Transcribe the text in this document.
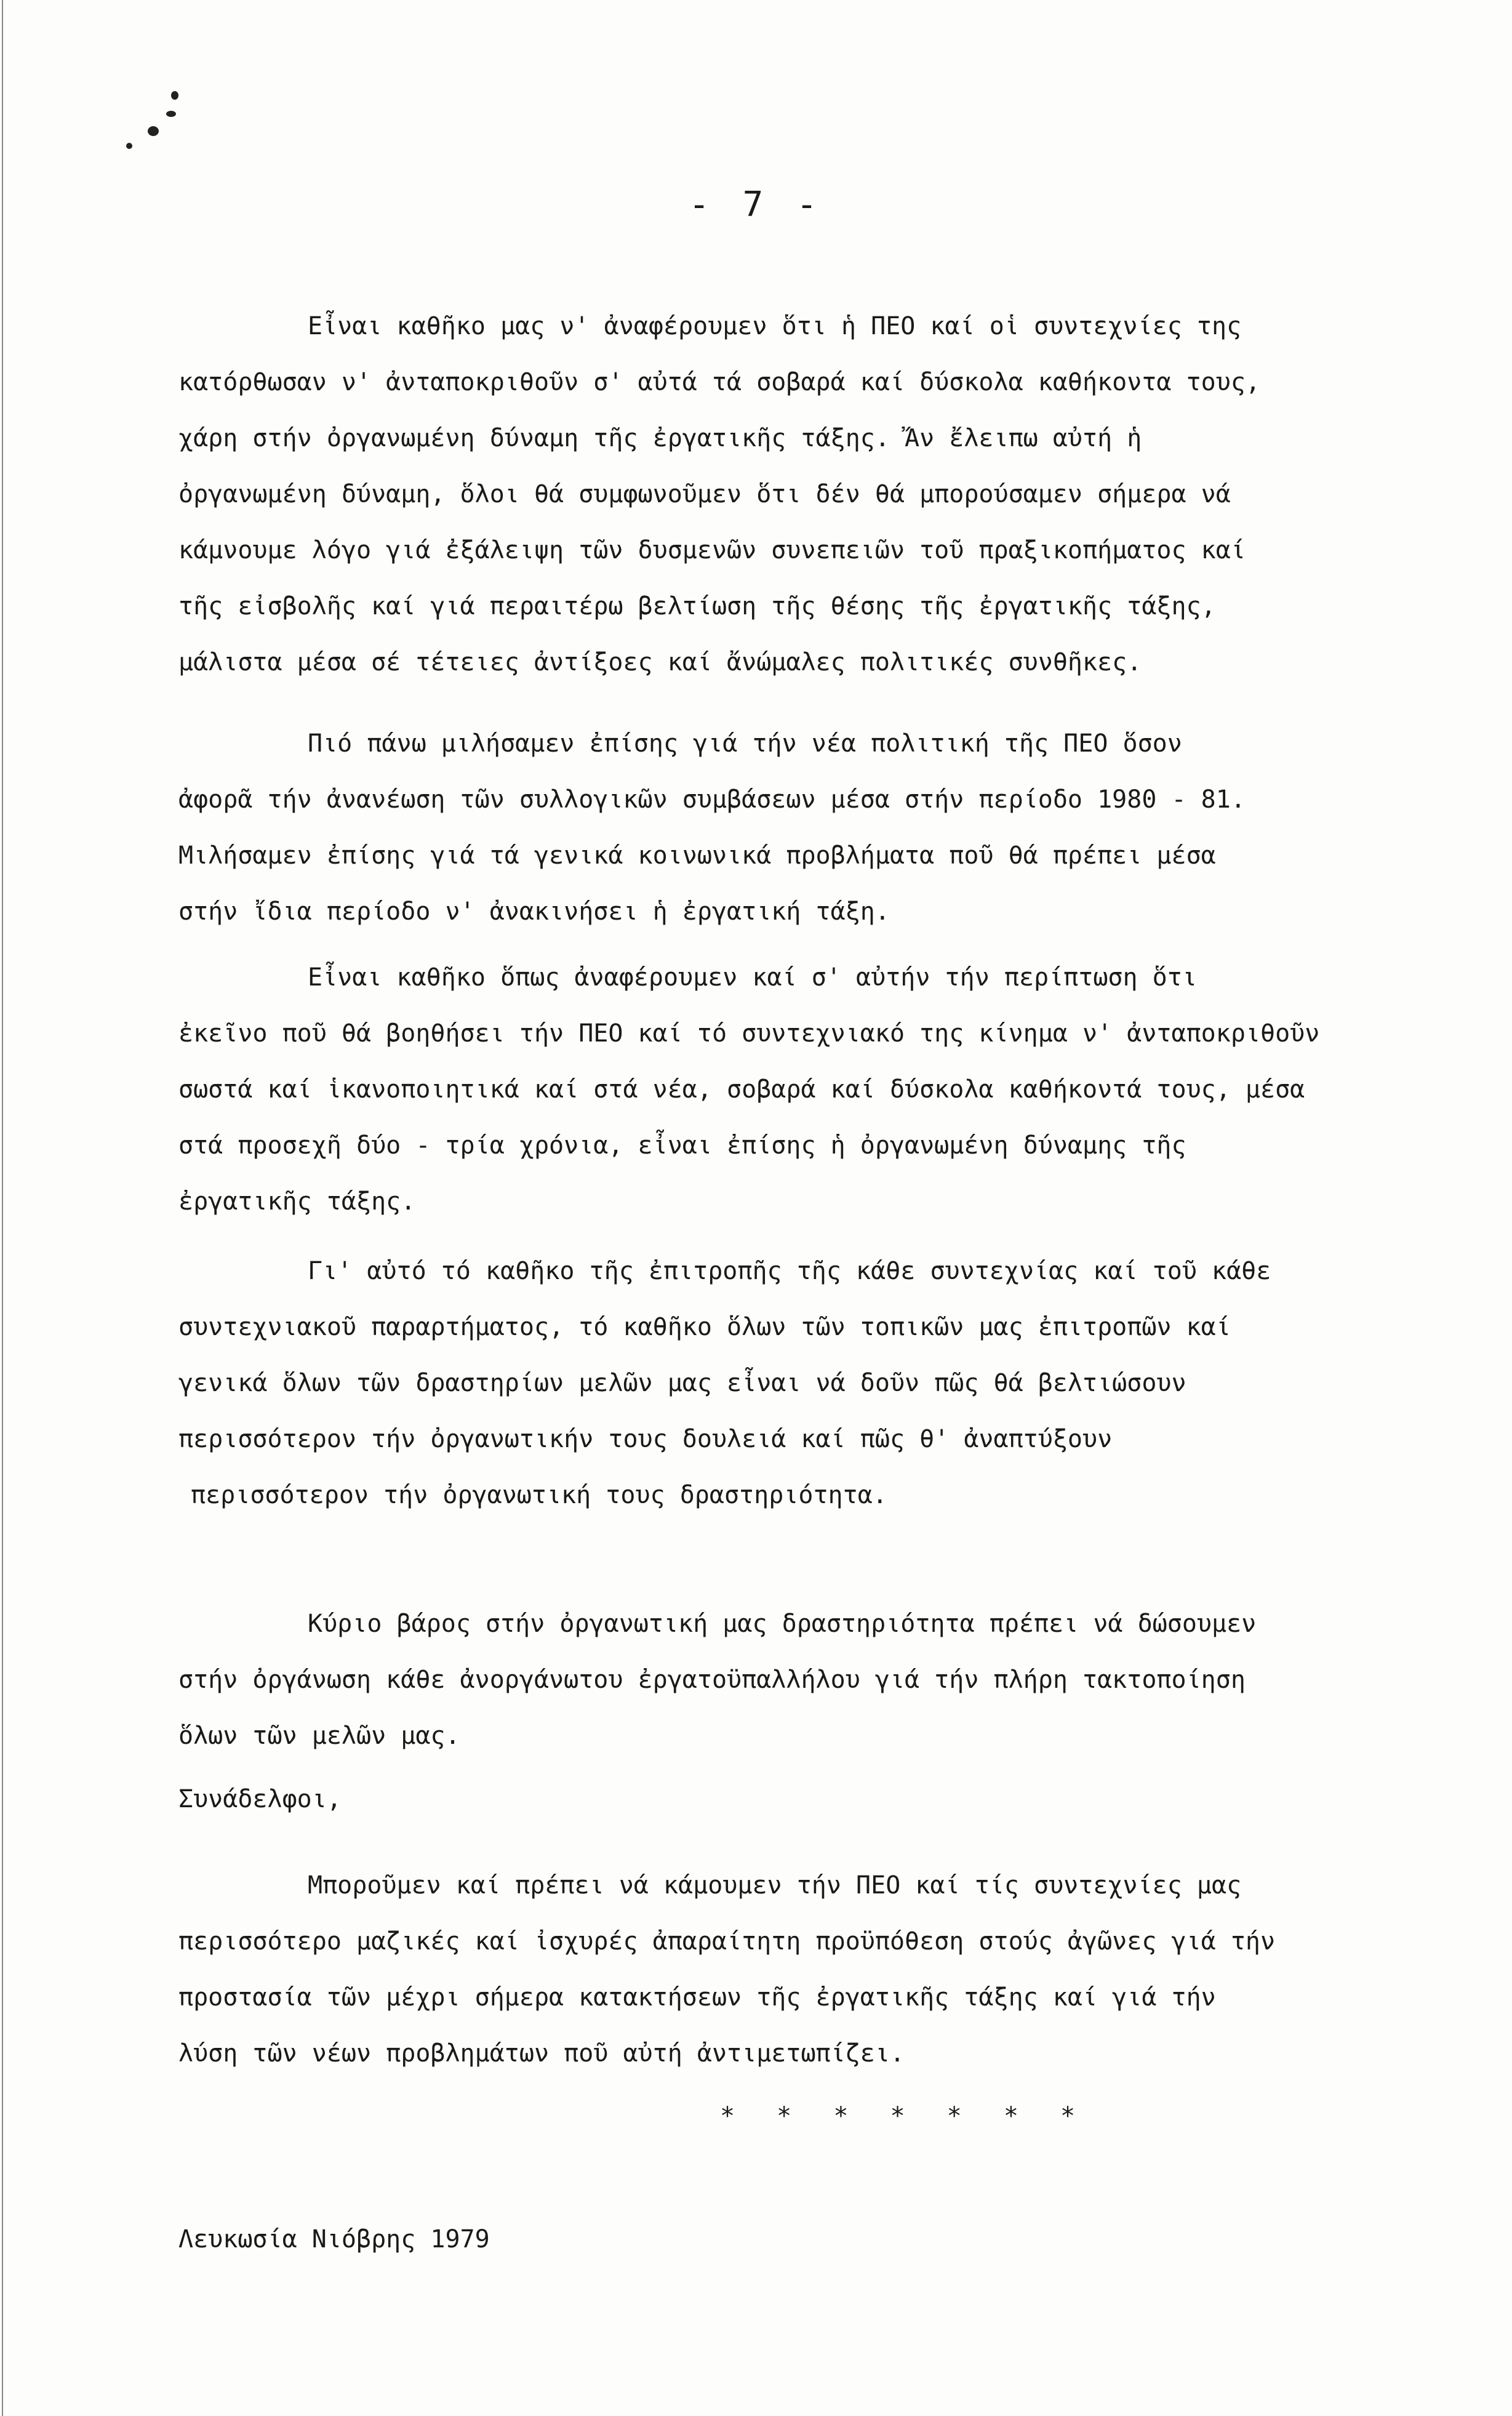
- 7 -
Εἶναι καθῆκο μας ν' ἀναφέρουμεν ὅτι ἡ ΠΕΟ καί οἱ συντεχνίες της
κατόρθωσαν ν' ἀνταποκριθοῦν σ' αὐτά τά σοβαρά καί δύσκολα καθήκοντα τους,
χάρη στήν ὀργανωμένη δύναμη τῆς ἐργατικῆς τάξης. Ἄν ἔλειπω αὐτή ἡ
ὀργανωμένη δύναμη, ὅλοι θά συμφωνοῦμεν ὅτι δέν θά μπορούσαμεν σήμερα νά
κάμνουμε λόγο γιά ἐξάλειψη τῶν δυσμενῶν συνεπειῶν τοῦ πραξικοπήματος καί
τῆς εἰσβολῆς καί γιά περαιτέρω βελτίωση τῆς θέσης τῆς ἐργατικῆς τάξης,
μάλιστα μέσα σέ τέτειες ἀντίξοες καί ἄνώμαλες πολιτικές συνθῆκες.
Πιό πάνω μιλήσαμεν ἐπίσης γιά τήν νέα πολιτική τῆς ΠΕΟ ὅσον
ἀφορᾶ τήν ἀνανέωση τῶν συλλογικῶν συμβάσεων μέσα στήν περίοδο 1980 - 81.
Μιλήσαμεν ἐπίσης γιά τά γενικά κοινωνικά προβλήματα ποῦ θά πρέπει μέσα
στήν ἴδια περίοδο ν' ἀνακινήσει ἡ ἐργατική τάξη.
Εἶναι καθῆκο ὅπως ἀναφέρουμεν καί σ' αὐτήν τήν περίπτωση ὅτι
ἐκεῖνο ποῦ θά βοηθήσει τήν ΠΕΟ καί τό συντεχνιακό της κίνημα ν' ἀνταποκριθοῦν
σωστά καί ἱκανοποιητικά καί στά νέα, σοβαρά καί δύσκολα καθήκοντά τους, μέσα
στά προσεχῆ δύο - τρία χρόνια, εἶναι ἐπίσης ἡ ὀργανωμένη δύναμης τῆς
ἐργατικῆς τάξης.
Γι' αὐτό τό καθῆκο τῆς ἐπιτροπῆς τῆς κάθε συντεχνίας καί τοῦ κάθε
συντεχνιακοῦ παραρτήματος, τό καθῆκο ὅλων τῶν τοπικῶν μας ἐπιτροπῶν καί
γενικά ὅλων τῶν δραστηρίων μελῶν μας εἶναι νά δοῦν πῶς θά βελτιώσουν
περισσότερον τήν ὀργανωτικήν τους δουλειά καί πῶς θ' ἀναπτύξουν
περισσότερον τήν ὀργανωτική τους δραστηριότητα.
Κύριο βάρος στήν ὀργανωτική μας δραστηριότητα πρέπει νά δώσουμεν
στήν ὀργάνωση κάθε ἀνοργάνωτου ἐργατοϋπαλλήλου γιά τήν πλήρη τακτοποίηση
ὅλων τῶν μελῶν μας.
Συνάδελφοι,
Μποροῦμεν καί πρέπει νά κάμουμεν τήν ΠΕΟ καί τίς συντεχνίες μας
περισσότερο μαζικές καί ἰσχυρές ἀπαραίτητη προϋπόθεση στούς ἀγῶνες γιά τήν
προστασία τῶν μέχρι σήμερα κατακτήσεων τῆς ἐργατικῆς τάξης καί γιά τήν
λύση τῶν νέων προβλημάτων ποῦ αὐτή ἀντιμετωπίζει.
* * * * * * *
Λευκωσία Νιόβρης 1979
